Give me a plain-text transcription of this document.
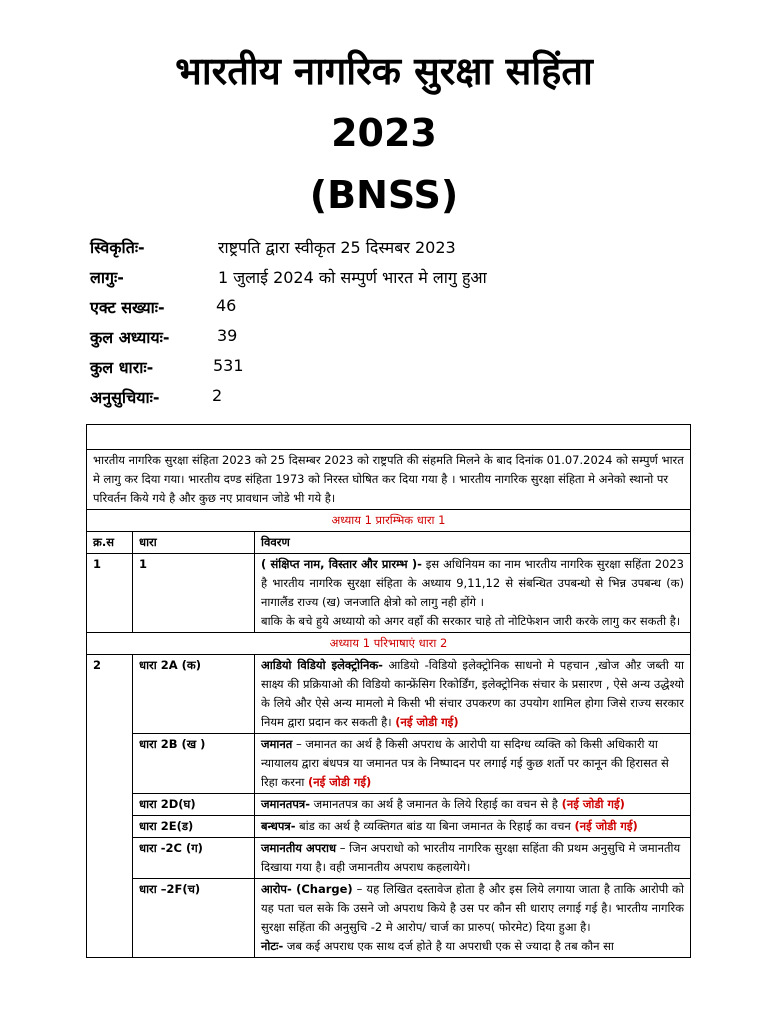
भारतीय नागरिक सुरक्षा सहिंता

2023

(BNSS)

स्विकृतिः-	राष्ट्रपति द्वारा स्वीकृत 25 दिस्मबर 2023
लागुः-	1 जुलाई 2024 को सम्पुर्ण भारत मे लागु हुआ
एक्ट सख्याः-	46
कुल अध्यायः-	39
कुल धाराः-	531
अनुसुचियाः-	2

भारतीय नागरिक सुरक्षा संहिता 2023 को 25 दिसम्बर 2023 को राष्ट्रपति की संहमति मिलने के बाद दिनांक 01.07.2024 को सम्पुर्ण भारत मे लागु कर दिया गया। भारतीय दण्ड संहिता 1973 को निरस्त घोषित कर दिया गया है । भारतीय नागरिक सुरक्षा संहिता मे अनेको स्थानो पर परिवर्तन किये गये है और कुछ नए प्रावधान जोडे भी गये है।		
अध्याय 1 प्रारम्भिक धारा 1		
क्र.स	धारा	विवरण
1	1	( संक्षिप्त नाम, विस्तार और प्रारम्भ )- इस अधिनियम का नाम भारतीय नागरिक सुरक्षा सहिंता 2023 है भारतीय नागरिक सुरक्षा संहिता के अध्याय 9,11,12 से संबन्धित उपबन्धो से भिन्न उपबन्ध (क) नागालैंड राज्य (ख) जनजाति क्षेत्रो को लागु नही होंगे ।
बाकि के बचे हुये अध्यायो को अगर वहाँ की सरकार चाहे तो नोटिफेशन जारी करके लागु कर सकती है।
अध्याय 1 परिभाषाएं धारा 2		
2	धारा 2A (क)	आडियो विडियो इलेक्ट्रोनिक- आडियो -विडियो इलेक्ट्रोनिक साधनो मे पहचान ,खोज औऱ जब्ती या साक्ष्य की प्रक्रियाओ की विडियो कान्फ्रेंसिग रिकोर्डिंग, इलेक्ट्रोनिक संचार के प्रसारण , ऐसे अन्य उद्धेश्यो के लिये और ऐसे अन्य मामलो मे किसी भी संचार उपकरण का उपयोग शामिल होगा जिसे राज्य सरकार नियम द्वारा प्रदान कर सकती है। (नई जोडी गई)
	धारा 2B (ख )	जमानत – जमानत का अर्थ है किसी अपराध के आरोपी या सदिग्ध व्यक्ति को किसी अधिकारी या न्यायालय द्वारा बंधपत्र या जमानत पत्र के निष्पादन पर लगाई गई कुछ शर्तो पर कानून की हिरासत से रिहा करना (नई जोडी गई)
	धारा 2D(घ)	जमानतपत्र- जमानतपत्र का अर्थ है जमानत के लिये रिहाई का वचन से है (नई जोडी गई)
	धारा 2E(ड)	बन्धपत्र- बांड का अर्थ है व्यक्तिगत बांड या बिना जमानत के रिहाई का वचन (नई जोडी गई)
	धारा -2C (ग)	जमानतीय अपराध – जिन अपराधो को भारतीय नागरिक सुरक्षा सहिंता की प्रथम अनुसुचि मे जमानतीय दिखाया गया है। वही जमानतीय अपराध कहलायेगे।
	धारा –2F(च)	आरोप- (Charge) – यह लिखित दस्तावेज होता है और इस लिये लगाया जाता है ताकि आरोपी को यह पता चल सके कि उसने जो अपराध किये है उस पर कौन सी धाराए लगाई गई है। भारतीय नागरिक सुरक्षा सहिंता की अनुसुचि -2 मे आरोप/ चार्ज का प्रारुप( फोरमेट) दिया हुआ है।
नोटः- जब कई अपराध एक साथ दर्ज होते है या अपराधी एक से ज्यादा है तब कौन सा
